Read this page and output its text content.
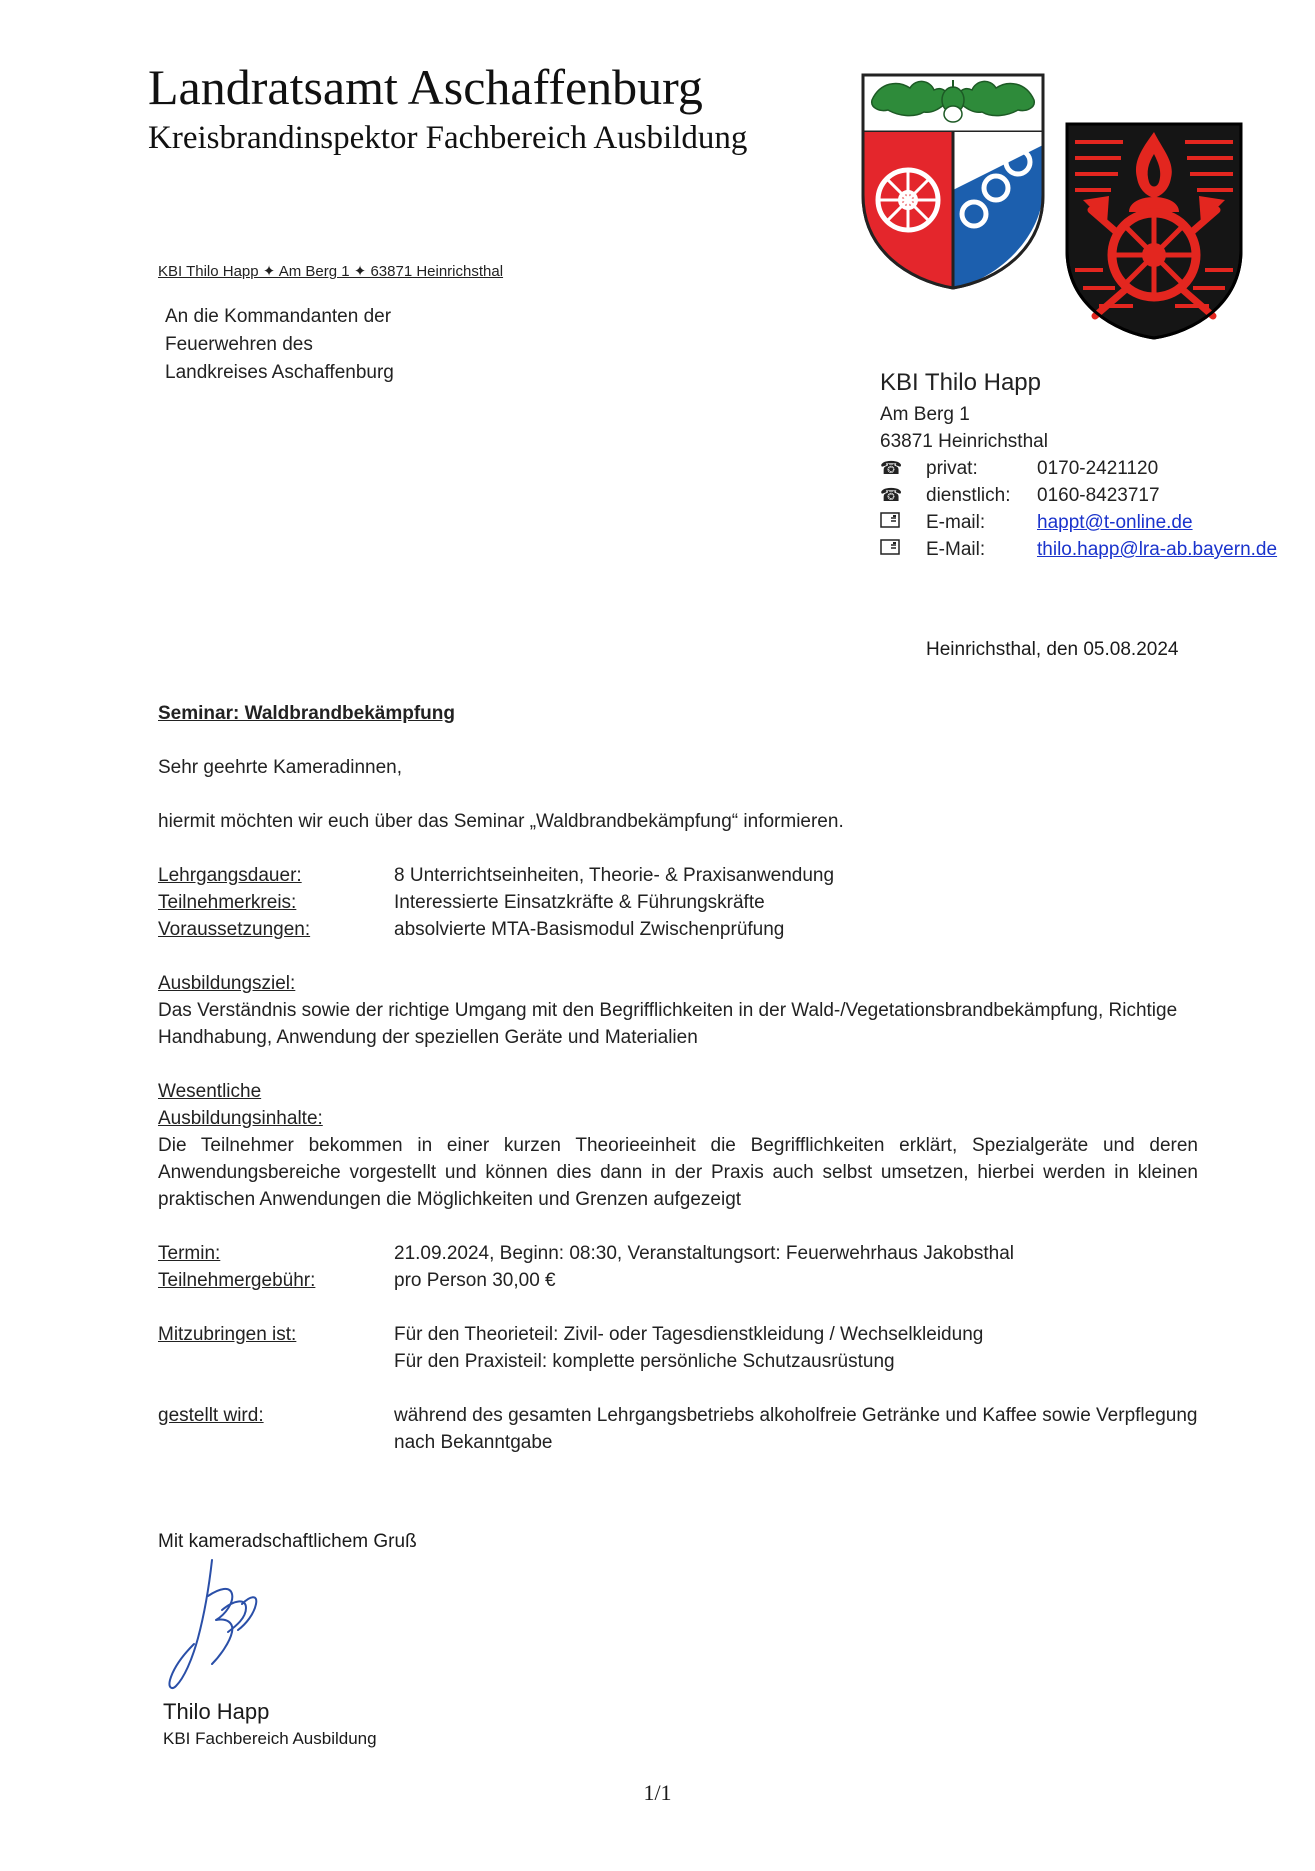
Landratsamt Aschaffenburg
Kreisbrandinspektor Fachbereich Ausbildung
KBI Thilo Happ ✦ Am Berg 1 ✦ 63871 Heinrichsthal
An die Kommandanten der
Feuerwehren des
Landkreises Aschaffenburg	KBI Thilo Happ
Am Berg 1
63871 Heinrichsthal
☎	privat:	0170-2421120
☎	dienstlich:	0160-8423717
E-mail:	happt@t-online.de
E-Mail:	thilo.happ@lra-ab.bayern.de
Heinrichsthal, den 05.08.2024

Seminar: Waldbrandbekämpfung

Sehr geehrte Kameradinnen,

hiermit möchten wir euch über das Seminar „Waldbrandbekämpfung“ informieren.

Lehrgangsdauer:	8 Unterrichtseinheiten, Theorie- & Praxisanwendung
Teilnehmerkreis:	Interessierte Einsatzkräfte & Führungskräfte
Voraussetzungen:	absolvierte MTA-Basismodul Zwischenprüfung

Ausbildungsziel:

Das Verständnis sowie der richtige Umgang mit den Begrifflichkeiten in der Wald-/Vegetationsbrandbekämpfung, Richtige Handhabung, Anwendung der speziellen Geräte und Materialien

Wesentliche

Ausbildungsinhalte:

Die Teilnehmer bekommen in einer kurzen Theorieeinheit die Begrifflichkeiten erklärt, Spezialgeräte und deren Anwendungsbereiche vorgestellt und können dies dann in der Praxis auch selbst umsetzen, hierbei werden in kleinen praktischen Anwendungen die Möglichkeiten und Grenzen aufgezeigt

Termin:	21.09.2024, Beginn: 08:30, Veranstaltungsort: Feuerwehrhaus Jakobsthal
Teilnehmergebühr:	pro Person 30,00 €
Mitzubringen ist:	Für den Theorieteil: Zivil- oder Tagesdienstkleidung / Wechselkleidung
Für den Praxisteil: komplette persönliche Schutzausrüstung
gestellt wird:	während des gesamten Lehrgangsbetriebs alkoholfreie Getränke und Kaffee sowie Verpflegung nach Bekanntgabe
Mit kameradschaftlichem Gruß
Thilo Happ
KBI Fachbereich Ausbildung
1/1
